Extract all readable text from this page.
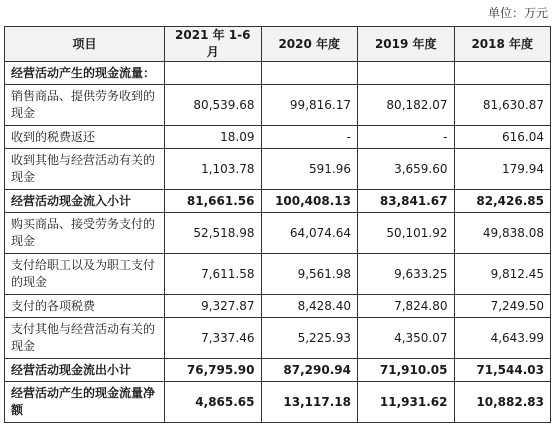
单位：万元
项目	2021 年 1-6 月	2020 年度	2019 年度	2018 年度
经营活动产生的现金流量：				
销售商品、提供劳务收到的现金	80,539.68	99,816.17	80,182.07	81,630.87
收到的税费返还	18.09	-	-	616.04
收到其他与经营活动有关的现金	1,103.78	591.96	3,659.60	179.94
经营活动现金流入小计	81,661.56	100,408.13	83,841.67	82,426.85
购买商品、接受劳务支付的现金	52,518.98	64,074.64	50,101.92	49,838.08
支付给职工以及为职工支付的现金	7,611.58	9,561.98	9,633.25	9,812.45
支付的各项税费	9,327.87	8,428.40	7,824.80	7,249.50
支付其他与经营活动有关的现金	7,337.46	5,225.93	4,350.07	4,643.99
经营活动现金流出小计	76,795.90	87,290.94	71,910.05	71,544.03
经营活动产生的现金流量净额	4,865.65	13,117.18	11,931.62	10,882.83
